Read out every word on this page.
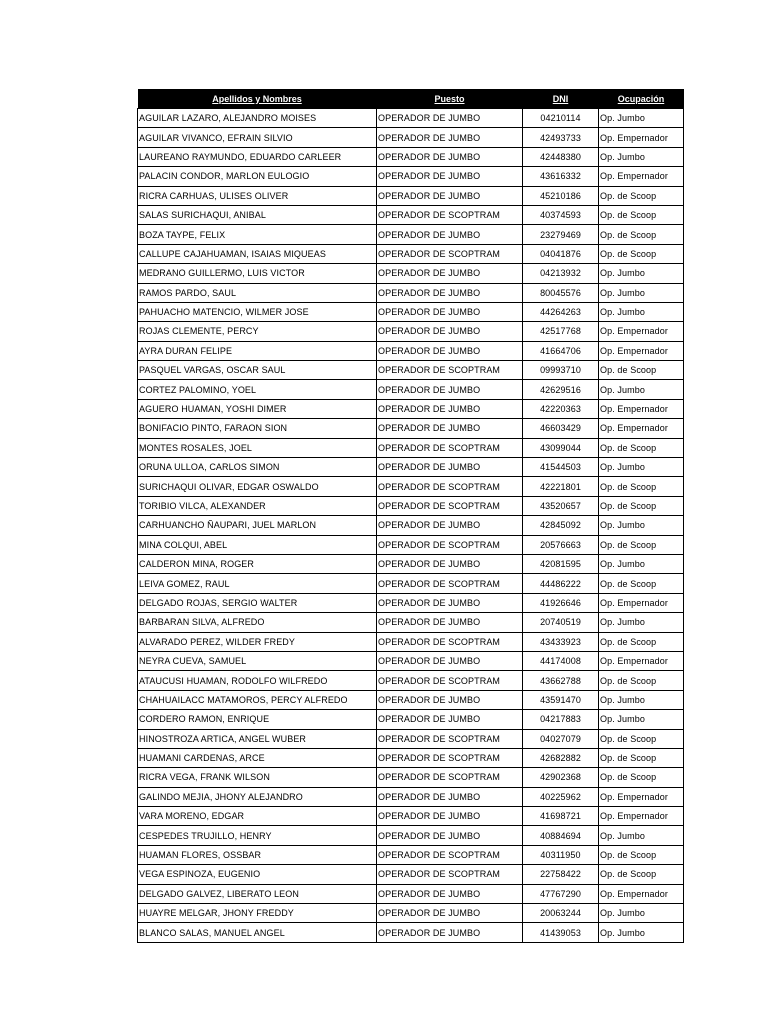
Apellidos y Nombres	Puesto	DNI	Ocupación
AGUILAR LAZARO, ALEJANDRO MOISES	OPERADOR DE JUMBO	04210114	Op. Jumbo
AGUILAR VIVANCO, EFRAIN SILVIO	OPERADOR DE JUMBO	42493733	Op. Empernador
LAUREANO RAYMUNDO, EDUARDO CARLEER	OPERADOR DE JUMBO	42448380	Op. Jumbo
PALACIN CONDOR, MARLON EULOGIO	OPERADOR DE JUMBO	43616332	Op. Empernador
RICRA CARHUAS, ULISES OLIVER	OPERADOR DE JUMBO	45210186	Op. de Scoop
SALAS SURICHAQUI, ANIBAL	OPERADOR DE SCOPTRAM	40374593	Op. de Scoop
BOZA TAYPE, FELIX	OPERADOR DE JUMBO	23279469	Op. de Scoop
CALLUPE CAJAHUAMAN, ISAIAS MIQUEAS	OPERADOR DE SCOPTRAM	04041876	Op. de Scoop
MEDRANO GUILLERMO, LUIS VICTOR	OPERADOR DE JUMBO	04213932	Op. Jumbo
RAMOS PARDO, SAUL	OPERADOR DE JUMBO	80045576	Op. Jumbo
PAHUACHO MATENCIO, WILMER JOSE	OPERADOR DE JUMBO	44264263	Op. Jumbo
ROJAS CLEMENTE, PERCY	OPERADOR DE JUMBO	42517768	Op. Empernador
AYRA DURAN FELIPE	OPERADOR DE JUMBO	41664706	Op. Empernador
PASQUEL VARGAS, OSCAR SAUL	OPERADOR DE SCOPTRAM	09993710	Op. de Scoop
CORTEZ PALOMINO, YOEL	OPERADOR DE JUMBO	42629516	Op. Jumbo
AGUERO HUAMAN, YOSHI DIMER	OPERADOR DE JUMBO	42220363	Op. Empernador
BONIFACIO PINTO, FARAON SION	OPERADOR DE JUMBO	46603429	Op. Empernador
MONTES ROSALES, JOEL	OPERADOR DE SCOPTRAM	43099044	Op. de Scoop
ORUNA ULLOA, CARLOS SIMON	OPERADOR DE JUMBO	41544503	Op. Jumbo
SURICHAQUI OLIVAR, EDGAR OSWALDO	OPERADOR DE SCOPTRAM	42221801	Op. de Scoop
TORIBIO VILCA, ALEXANDER	OPERADOR DE SCOPTRAM	43520657	Op. de Scoop
CARHUANCHO ÑAUPARI, JUEL MARLON	OPERADOR DE JUMBO	42845092	Op. Jumbo
MINA COLQUI, ABEL	OPERADOR DE SCOPTRAM	20576663	Op. de Scoop
CALDERON MINA, ROGER	OPERADOR DE JUMBO	42081595	Op. Jumbo
LEIVA GOMEZ, RAUL	OPERADOR DE SCOPTRAM	44486222	Op. de Scoop
DELGADO ROJAS, SERGIO WALTER	OPERADOR DE JUMBO	41926646	Op. Empernador
BARBARAN SILVA, ALFREDO	OPERADOR DE JUMBO	20740519	Op. Jumbo
ALVARADO PEREZ, WILDER FREDY	OPERADOR DE SCOPTRAM	43433923	Op. de Scoop
NEYRA CUEVA, SAMUEL	OPERADOR DE JUMBO	44174008	Op. Empernador
ATAUCUSI HUAMAN, RODOLFO WILFREDO	OPERADOR DE SCOPTRAM	43662788	Op. de Scoop
CHAHUAILACC MATAMOROS, PERCY ALFREDO	OPERADOR DE JUMBO	43591470	Op. Jumbo
CORDERO RAMON, ENRIQUE	OPERADOR DE JUMBO	04217883	Op. Jumbo
HINOSTROZA ARTICA, ANGEL WUBER	OPERADOR DE SCOPTRAM	04027079	Op. de Scoop
HUAMANI CARDENAS, ARCE	OPERADOR DE SCOPTRAM	42682882	Op. de Scoop
RICRA VEGA, FRANK WILSON	OPERADOR DE SCOPTRAM	42902368	Op. de Scoop
GALINDO MEJIA, JHONY ALEJANDRO	OPERADOR DE JUMBO	40225962	Op. Empernador
VARA MORENO, EDGAR	OPERADOR DE JUMBO	41698721	Op. Empernador
CESPEDES TRUJILLO, HENRY	OPERADOR DE JUMBO	40884694	Op. Jumbo
HUAMAN FLORES, OSSBAR	OPERADOR DE SCOPTRAM	40311950	Op. de Scoop
VEGA ESPINOZA, EUGENIO	OPERADOR DE SCOPTRAM	22758422	Op. de Scoop
DELGADO GALVEZ, LIBERATO LEON	OPERADOR DE JUMBO	47767290	Op. Empernador
HUAYRE MELGAR, JHONY FREDDY	OPERADOR DE JUMBO	20063244	Op. Jumbo
BLANCO SALAS, MANUEL ANGEL	OPERADOR DE JUMBO	41439053	Op. Jumbo
